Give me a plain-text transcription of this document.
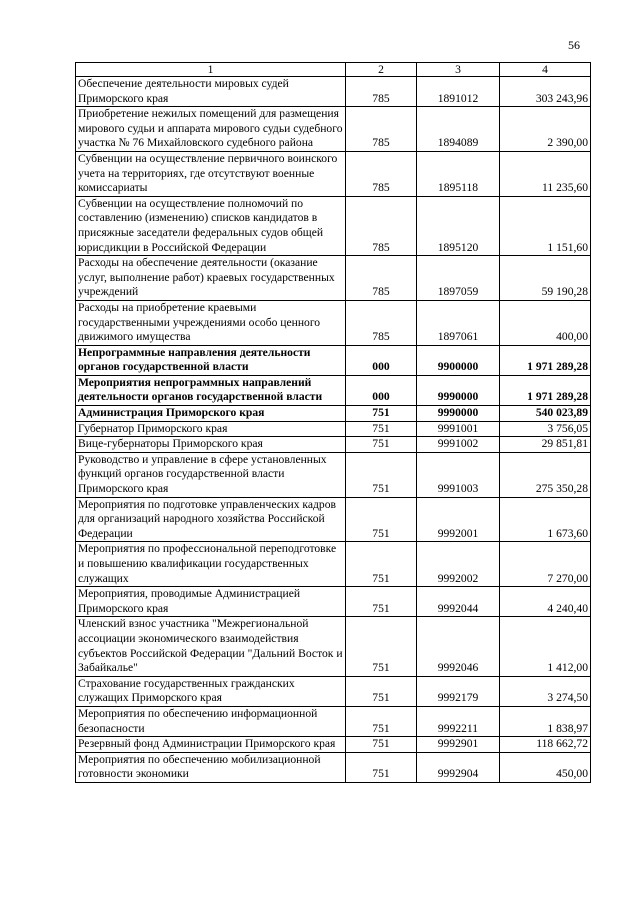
56
1	2	3	4
Обеспечение деятельности мировых судей Приморского края	785	1891012	303 243,96
Приобретение нежилых помещений для размещения мирового судьи и аппарата мирового судьи судебного участка № 76 Михайловского судебного района	785	1894089	2 390,00
Субвенции на осуществление первичного воинского учета на территориях, где отсутствуют военные комиссариаты	785	1895118	11 235,60
Субвенции на осуществление полномочий по составлению (изменению) списков кандидатов в присяжные заседатели федеральных судов общей юрисдикции в Российской Федерации	785	1895120	1 151,60
Расходы на обеспечение деятельности (оказание услуг, выполнение работ) краевых государственных учреждений	785	1897059	59 190,28
Расходы на приобретение краевыми государственными учреждениями особо ценного движимого имущества	785	1897061	400,00
Непрограммные направления деятельности органов государственной власти	000	9900000	1 971 289,28
Мероприятия непрограммных направлений деятельности органов государственной власти	000	9990000	1 971 289,28
Администрация Приморского края	751	9990000	540 023,89
Губернатор Приморского края	751	9991001	3 756,05
Вице-губернаторы Приморского края	751	9991002	29 851,81
Руководство и управление в сфере установленных функций органов государственной власти Приморского края	751	9991003	275 350,28
Мероприятия по подготовке управленческих кадров для организаций народного хозяйства Российской Федерации	751	9992001	1 673,60
Мероприятия по профессиональной переподготовке и повышению квалификации государственных служащих	751	9992002	7 270,00
Мероприятия, проводимые Администрацией Приморского края	751	9992044	4 240,40
Членский взнос участника "Межрегиональной ассоциации экономического взаимодействия субъектов Российской Федерации "Дальний Восток и Забайкалье"	751	9992046	1 412,00
Страхование государственных гражданских служащих Приморского края	751	9992179	3 274,50
Мероприятия по обеспечению информационной безопасности	751	9992211	1 838,97
Резервный фонд Администрации Приморского края	751	9992901	118 662,72
Мероприятия по обеспечению мобилизационной готовности экономики	751	9992904	450,00
